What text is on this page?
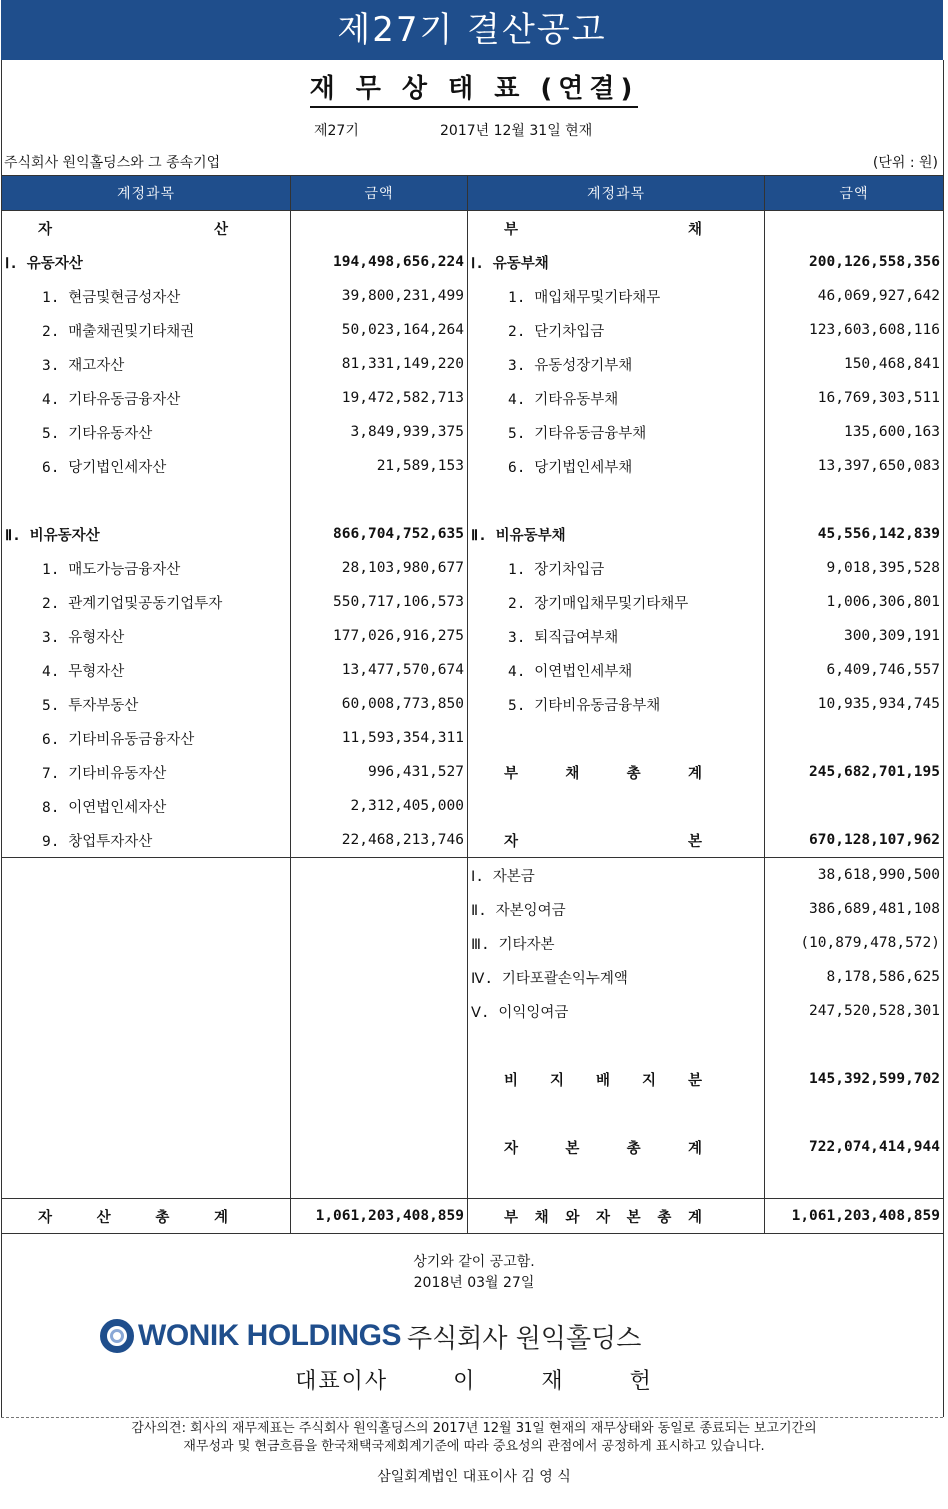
제27기 결산공고
재 무 상 태 표 (연결)
제27기	2017년 12월 31일 현재
주식회사 원익홀딩스와 그 종속기업	(단위 : 원)
계정과목	금액	계정과목	금액
자 산		부 채	
Ⅰ. 유동자산	194,498,656,224	Ⅰ. 유동부채	200,126,558,356
1. 현금및현금성자산	39,800,231,499	1. 매입채무및기타채무	46,069,927,642
2. 매출채권및기타채권	50,023,164,264	2. 단기차입금	123,603,608,116
3. 재고자산	81,331,149,220	3. 유동성장기부채	150,468,841
4. 기타유동금융자산	19,472,582,713	4. 기타유동부채	16,769,303,511
5. 기타유동자산	3,849,939,375	5. 기타유동금융부채	135,600,163
6. 당기법인세자산	21,589,153	6. 당기법인세부채	13,397,650,083

Ⅱ. 비유동자산	866,704,752,635	Ⅱ. 비유동부채	45,556,142,839
1. 매도가능금융자산	28,103,980,677	1. 장기차입금	9,018,395,528
2. 관계기업및공동기업투자	550,717,106,573	2. 장기매입채무및기타채무	1,006,306,801
3. 유형자산	177,026,916,275	3. 퇴직급여부채	300,309,191
4. 무형자산	13,477,570,674	4. 이연법인세부채	6,409,746,557
5. 투자부동산	60,008,773,850	5. 기타비유동금융부채	10,935,934,745
6. 기타비유동금융자산	11,593,354,311		
7. 기타비유동자산	996,431,527	부 채 총 계	245,682,701,195
8. 이연법인세자산	2,312,405,000		
9. 창업투자자산	22,468,213,746	자 본	670,128,107,962
		Ⅰ. 자본금	38,618,990,500
		Ⅱ. 자본잉여금	386,689,481,108
		Ⅲ. 기타자본	(10,879,478,572)
		Ⅳ. 기타포괄손익누계액	8,178,586,625
		Ⅴ. 이익잉여금	247,520,528,301

		비 지 배 지 분	145,392,599,702

		자 본 총 계	722,074,414,944

자 산 총 계	1,061,203,408,859	부 채 와 자 본 총 계	1,061,203,408,859
상기와 같이 공고함.
2018년 03월 27일
WONIK HOLDINGS 주식회사 원익홀딩스
대표이사	이	재	헌
감사의견: 회사의 재무제표는 주식회사 원익홀딩스의 2017년 12월 31일 현재의 재무상태와 동일로 종료되는 보고기간의
재무성과 및 현금흐름을 한국채택국제회계기준에 따라 중요성의 관점에서 공정하게 표시하고 있습니다.
삼일회계법인 대표이사 김 영 식
